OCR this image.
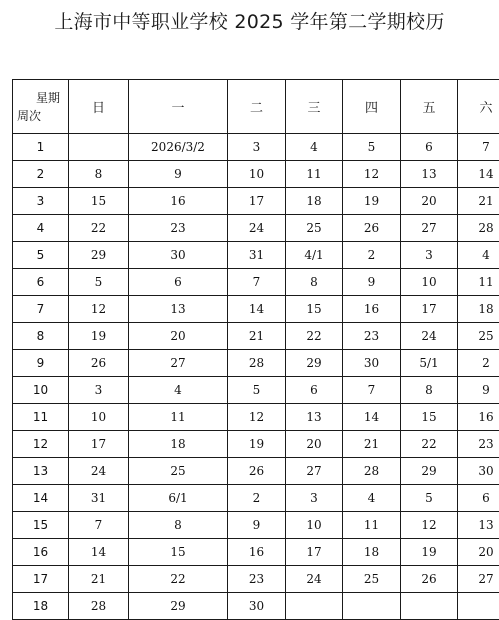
上海市中等职业学校 2025 学年第二学期校历
星期
周次	日	一	二	三	四	五	六
1		2026/3/2	3	4	5	6	7
2	8	9	10	11	12	13	14
3	15	16	17	18	19	20	21
4	22	23	24	25	26	27	28
5	29	30	31	4/1	2	3	4
6	5	6	7	8	9	10	11
7	12	13	14	15	16	17	18
8	19	20	21	22	23	24	25
9	26	27	28	29	30	5/1	2
10	3	4	5	6	7	8	9
11	10	11	12	13	14	15	16
12	17	18	19	20	21	22	23
13	24	25	26	27	28	29	30
14	31	6/1	2	3	4	5	6
15	7	8	9	10	11	12	13
16	14	15	16	17	18	19	20
17	21	22	23	24	25	26	27
18	28	29	30				
